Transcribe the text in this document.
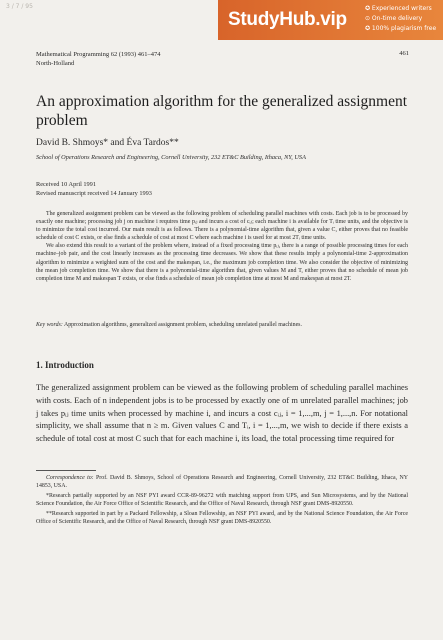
3 / 7 / 95
StudyHub.vip
✪ Experienced writers
⊙ On-time delivery
✪ 100% plagiarism free
Mathematical Programming 62 (1993) 461–474
North-Holland
461
An approximation algorithm for the generalized assignment problem
David B. Shmoys* and Éva Tardos**
School of Operations Research and Engineering, Cornell University, 232 ET&C Building, Ithaca, NY, USA
Received 10 April 1991
Revised manuscript received 14 January 1993

The generalized assignment problem can be viewed as the following problem of scheduling parallel machines with costs. Each job is to be processed by exactly one machine; processing job j on machine i requires time pᵢⱼ and incurs a cost of cᵢⱼ; each machine i is available for Tᵢ time units, and the objective is to minimize the total cost incurred. Our main result is as follows. There is a polynomial-time algorithm that, given a value C, either proves that no feasible schedule of cost C exists, or else finds a schedule of cost at most C where each machine i is used for at most 2Tᵢ time units.

We also extend this result to a variant of the problem where, instead of a fixed processing time pᵢⱼ, there is a range of possible processing times for each machine–job pair, and the cost linearly increases as the processing time decreases. We show that these results imply a polynomial-time 2-approximation algorithm to minimize a weighted sum of the cost and the makespan, i.e., the maximum job completion time. We also consider the objective of minimizing the mean job completion time. We show that there is a polynomial-time algorithm that, given values M and T, either proves that no schedule of mean job completion time M and makespan T exists, or else finds a schedule of mean job completion time at most M and makespan at most 2T.

Key words: Approximation algorithms, generalized assignment problem, scheduling unrelated parallel machines.
1. Introduction
The generalized assignment problem can be viewed as the following problem of scheduling parallel machines with costs. Each of n independent jobs is to be processed by exactly one of m unrelated parallel machines; job j takes pᵢⱼ time units when processed by machine i, and incurs a cost cᵢⱼ, i = 1,...,m, j = 1,...,n. For notational simplicity, we shall assume that n ≥ m. Given values C and Tᵢ, i = 1,...,m, we wish to decide if there exists a schedule of total cost at most C such that for each machine i, its load, the total processing time required for

Correspondence to: Prof. David B. Shmoys, School of Operations Research and Engineering, Cornell University, 232 ET&C Building, Ithaca, NY 14853, USA.

*Research partially supported by an NSF PYI award CCR-89-96272 with matching support from UPS, and Sun Microsystems, and by the National Science Foundation, the Air Force Office of Scientific Research, and the Office of Naval Research, through NSF grant DMS-8920550.

**Research supported in part by a Packard Fellowship, a Sloan Fellowship, an NSF PYI award, and by the National Science Foundation, the Air Force Office of Scientific Research, and the Office of Naval Research, through NSF grant DMS-8920550.
